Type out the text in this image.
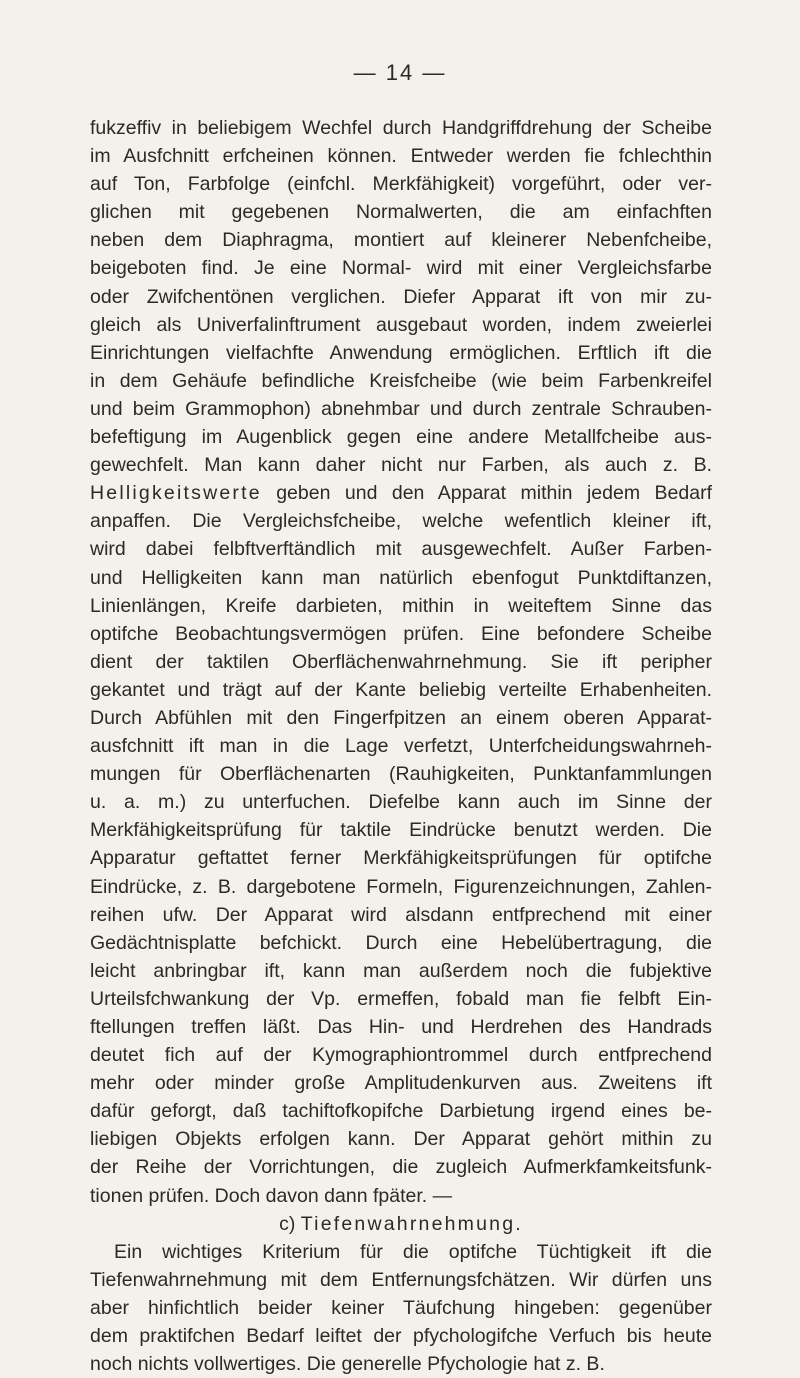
— 14 —
fukzeffiv in beliebigem Wechfel durch Handgriffdrehung der Scheibe
im Ausfchnitt erfcheinen können. Entweder werden fie fchlechthin
auf Ton, Farbfolge (einfchl. Merkfähigkeit) vorgeführt, oder ver-
glichen mit gegebenen Normalwerten, die am einfachften
neben dem Diaphragma, montiert auf kleinerer Nebenfcheibe,
beigeboten find. Je eine Normal- wird mit einer Vergleichsfarbe
oder Zwifchentönen verglichen. Diefer Apparat ift von mir zu-
gleich als Univerfalinftrument ausgebaut worden, indem zweierlei
Einrichtungen vielfachfte Anwendung ermöglichen. Erftlich ift die
in dem Gehäufe befindliche Kreisfcheibe (wie beim Farbenkreifel
und beim Grammophon) abnehmbar und durch zentrale Schrauben-
befeftigung im Augenblick gegen eine andere Metallfcheibe aus-
gewechfelt. Man kann daher nicht nur Farben, als auch z. B.
Helligkeitswerte geben und den Apparat mithin jedem Bedarf
anpaffen. Die Vergleichsfcheibe, welche wefentlich kleiner ift,
wird dabei felbftverftändlich mit ausgewechfelt. Außer Farben-
und Helligkeiten kann man natürlich ebenfogut Punktdiftanzen,
Linienlängen, Kreife darbieten, mithin in weiteftem Sinne das
optifche Beobachtungsvermögen prüfen. Eine befondere Scheibe
dient der taktilen Oberflächenwahrnehmung. Sie ift peripher
gekantet und trägt auf der Kante beliebig verteilte Erhabenheiten.
Durch Abfühlen mit den Fingerfpitzen an einem oberen Apparat-
ausfchnitt ift man in die Lage verfetzt, Unterfcheidungswahrneh-
mungen für Oberflächenarten (Rauhigkeiten, Punktanfammlungen
u. a. m.) zu unterfuchen. Diefelbe kann auch im Sinne der
Merkfähigkeitsprüfung für taktile Eindrücke benutzt werden. Die
Apparatur geftattet ferner Merkfähigkeitsprüfungen für optifche
Eindrücke, z. B. dargebotene Formeln, Figurenzeichnungen, Zahlen-
reihen ufw. Der Apparat wird alsdann entfprechend mit einer
Gedächtnisplatte befchickt. Durch eine Hebelübertragung, die
leicht anbringbar ift, kann man außerdem noch die fubjektive
Urteilsfchwankung der Vp. ermeffen, fobald man fie felbft Ein-
ftellungen treffen läßt. Das Hin- und Herdrehen des Handrads
deutet fich auf der Kymographiontrommel durch entfprechend
mehr oder minder große Amplitudenkurven aus. Zweitens ift
dafür geforgt, daß tachiftofkopifche Darbietung irgend eines be-
liebigen Objekts erfolgen kann. Der Apparat gehört mithin zu
der Reihe der Vorrichtungen, die zugleich Aufmerkfamkeitsfunk-
tionen prüfen. Doch davon dann fpäter. —
c) Tiefenwahrnehmung.
Ein wichtiges Kriterium für die optifche Tüchtigkeit ift die
Tiefenwahrnehmung mit dem Entfernungsfchätzen. Wir dürfen uns
aber hinfichtlich beider keiner Täufchung hingeben: gegenüber
dem praktifchen Bedarf leiftet der pfychologifche Verfuch bis heute
noch nichts vollwertiges. Die generelle Pfychologie hat z. B.
